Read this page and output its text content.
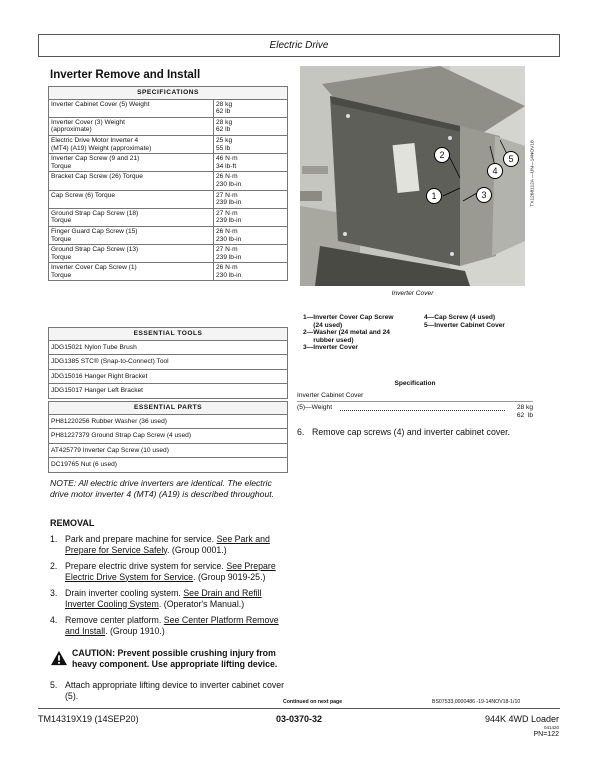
Electric Drive
Inverter Remove and Install
SPECIFICATIONS	
Inverter Cabinet Cover (5) Weight	28 kg
62 lb
Inverter Cover (3) Weight
(approximate)	28 kg
62 lb
Electric Drive Motor Inverter 4
(MT4) (A19) Weight (approximate)	25 kg
55 lb
Inverter Cap Screw (9 and 21)
Torque	46 N·m
34 lb-ft
Bracket Cap Screw (26) Torque	26 N·m
230 lb-in
Cap Screw (6) Torque	27 N·m
239 lb-in
Ground Strap Cap Screw (18)
Torque	27 N·m
239 lb-in
Finger Guard Cap Screw (15)
Torque	26 N·m
230 lb-in
Ground Strap Cap Screw (13)
Torque	27 N·m
239 lb-in
Inverter Cover Cap Screw (1)
Torque	26 N·m
230 lb-in
ESSENTIAL TOOLS
JDG15021 Nylon Tube Brush
JDG1385 STC® (Snap-to-Connect) Tool
JDG15016 Hanger Right Bracket
JDG15017 Hanger Left Bracket
ESSENTIAL PARTS
PH81220256 Rubber Washer (36 used)
PH81227379 Ground Strap Cap Screw (4 used)
AT425779 Inverter Cap Screw (10 used)
DC19765 Nut (6 used)
NOTE: All electric drive inverters are identical. The electric drive motor inverter 4 (MT4) (A19) is described throughout.
REMOVAL
1. Park and prepare machine for service. See Park and Prepare for Service Safely. (Group 0001.)
2. Prepare electric drive system for service. See Prepare Electric Drive System for Service. (Group 9019-25.)
3. Drain inverter cooling system. See Drain and Refill Inverter Cooling System. (Operator's Manual.)
4. Remove center platform. See Center Platform Remove and Install. (Group 1910.)
CAUTION: Prevent possible crushing injury from heavy component. Use appropriate lifting device.
5. Attach appropriate lifting device to inverter cabinet cover (5).
Continued on next page	BS07533,0000486 -19-14NOV18-1/10
2
1	3
4
5	TX1268112A —UN—14NOV18
Inverter Cover
1— Inverter Cover Cap Screw
(24 used)
2— Washer (24 metal and 24
rubber used)
3— Inverter Cover
4— Cap Screw (4 used)
5— Inverter Cabinet Cover
Specification
Inverter Cabinet Cover
(5)—Weight	28 kg
62  lb
6. Remove cap screws (4) and inverter cabinet cover.
TM14319X19 (14SEP20)	03-0370-32	944K 4WD Loader
041420
PN=122
